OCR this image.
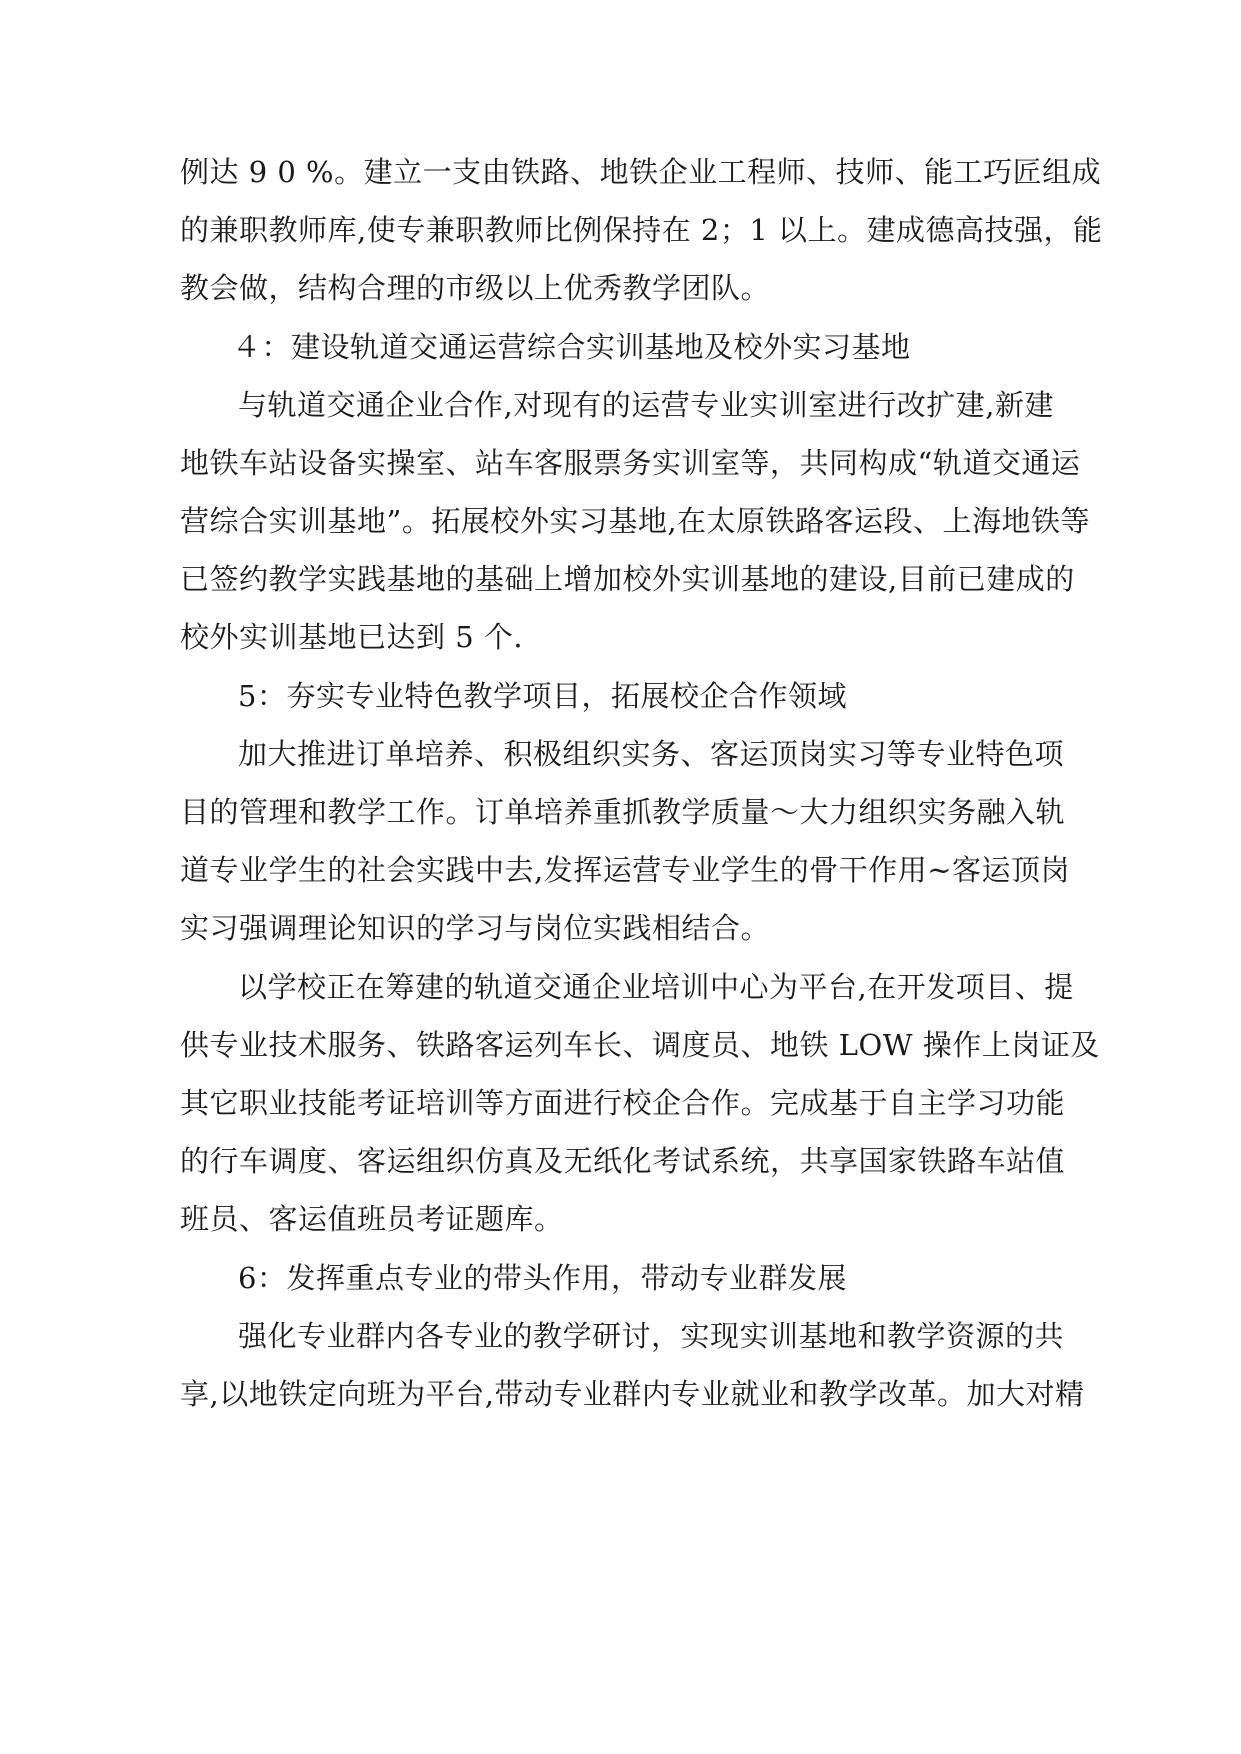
例达 9 0 %。建立一支由铁路、地铁企业工程师、技师、能工巧匠组成
的兼职教师库,使专兼职教师比例保持在 2；1 以上。建成德高技强，能
教会做，结构合理的市级以上优秀教学团队。
４：建设轨道交通运营综合实训基地及校外实习基地
与轨道交通企业合作,对现有的运营专业实训室进行改扩建,新建
地铁车站设备实操室、站车客服票务实训室等，共同构成“轨道交通运
营综合实训基地”。拓展校外实习基地,在太原铁路客运段、上海地铁等
已签约教学实践基地的基础上增加校外实训基地的建设,目前已建成的
校外实训基地已达到 5 个.
5：夯实专业特色教学项目，拓展校企合作领域
加大推进订单培养、积极组织实务、客运顶岗实习等专业特色项
目的管理和教学工作。订单培养重抓教学质量～大力组织实务融入轨
道专业学生的社会实践中去,发挥运营专业学生的骨干作用~客运顶岗
实习强调理论知识的学习与岗位实践相结合。
以学校正在筹建的轨道交通企业培训中心为平台,在开发项目、提
供专业技术服务、铁路客运列车长、调度员、地铁 LOW 操作上岗证及
其它职业技能考证培训等方面进行校企合作。完成基于自主学习功能
的行车调度、客运组织仿真及无纸化考试系统，共享国家铁路车站值
班员、客运值班员考证题库。
6：发挥重点专业的带头作用，带动专业群发展
强化专业群内各专业的教学研讨，实现实训基地和教学资源的共
享,以地铁定向班为平台,带动专业群内专业就业和教学改革。加大对精
